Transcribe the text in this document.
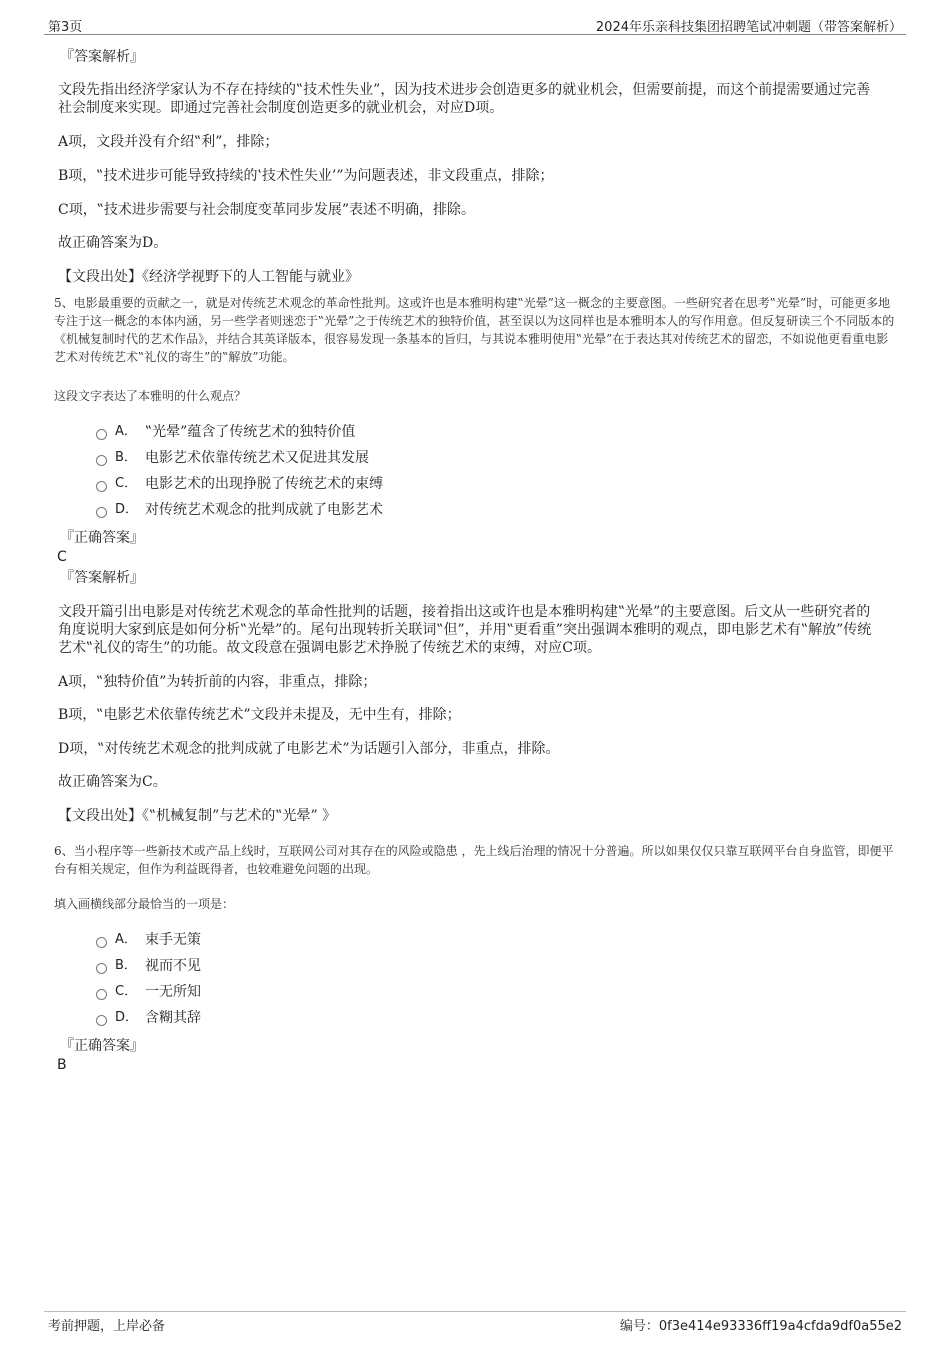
第3页	2024年乐亲科技集团招聘笔试冲刺题（带答案解析）

『答案解析』

文段先指出经济学家认为不存在持续的‟技术性失业”，因为技术进步会创造更多的就业机会，但需要前提，而这个前提需要通过完善社会制度来实现。即通过完善社会制度创造更多的就业机会，对应D项。

A项，文段并没有介绍‟利”，排除；

B项，‟技术进步可能导致持续的‛技术性失业’”为问题表述，非文段重点，排除；

C项，‟技术进步需要与社会制度变革同步发展”表述不明确，排除。

故正确答案为D。

【文段出处】《经济学视野下的人工智能与就业》

5、电影最重要的贡献之一，就是对传统艺术观念的革命性批判。这或许也是本雅明构建‟光晕”这一概念的主要意图。一些研究者在思考‟光晕”时，可能更多地专注于这一概念的本体内涵，另一些学者则迷恋于‟光晕”之于传统艺术的独特价值，甚至误以为这同样也是本雅明本人的写作用意。但反复研读三个不同版本的《机械复制时代的艺术作品》，并结合其英译版本，很容易发现一条基本的旨归，与其说本雅明使用‟光晕”在于表达其对传统艺术的留恋，不如说他更看重电影艺术对传统艺术‟礼仪的寄生”的‟解放”功能。

这段文字表达了本雅明的什么观点？

A． ‟光晕”蕴含了传统艺术的独特价值
B． 电影艺术依靠传统艺术又促进其发展
C． 电影艺术的出现挣脱了传统艺术的束缚
D． 对传统艺术观念的批判成就了电影艺术

『正确答案』

C

『答案解析』

文段开篇引出电影是对传统艺术观念的革命性批判的话题，接着指出这或许也是本雅明构建‟光晕”的主要意图。后文从一些研究者的角度说明大家到底是如何分析‟光晕”的。尾句出现转折关联词‟但”，并用‟更看重”突出强调本雅明的观点，即电影艺术有‟解放”传统艺术‟礼仪的寄生”的功能。故文段意在强调电影艺术挣脱了传统艺术的束缚，对应C项。

A项，‟独特价值”为转折前的内容，非重点，排除；

B项，‟电影艺术依靠传统艺术”文段并未提及，无中生有，排除；

D项，‟对传统艺术观念的批判成就了电影艺术”为话题引入部分，非重点，排除。

故正确答案为C。

【文段出处】《‟机械复制”与艺术的‟光晕” 》

6、当小程序等一些新技术或产品上线时，互联网公司对其存在的风险或隐患 ，先上线后治理的情况十分普遍。所以如果仅仅只靠互联网平台自身监管，即便平台有相关规定，但作为利益既得者，也较难避免问题的出现。

填入画横线部分最恰当的一项是：

A． 束手无策
B． 视而不见
C． 一无所知
D． 含糊其辞

『正确答案』

B

考前押题，上岸必备	编号：0f3e414e93336ff19a4cfda9df0a55e2
